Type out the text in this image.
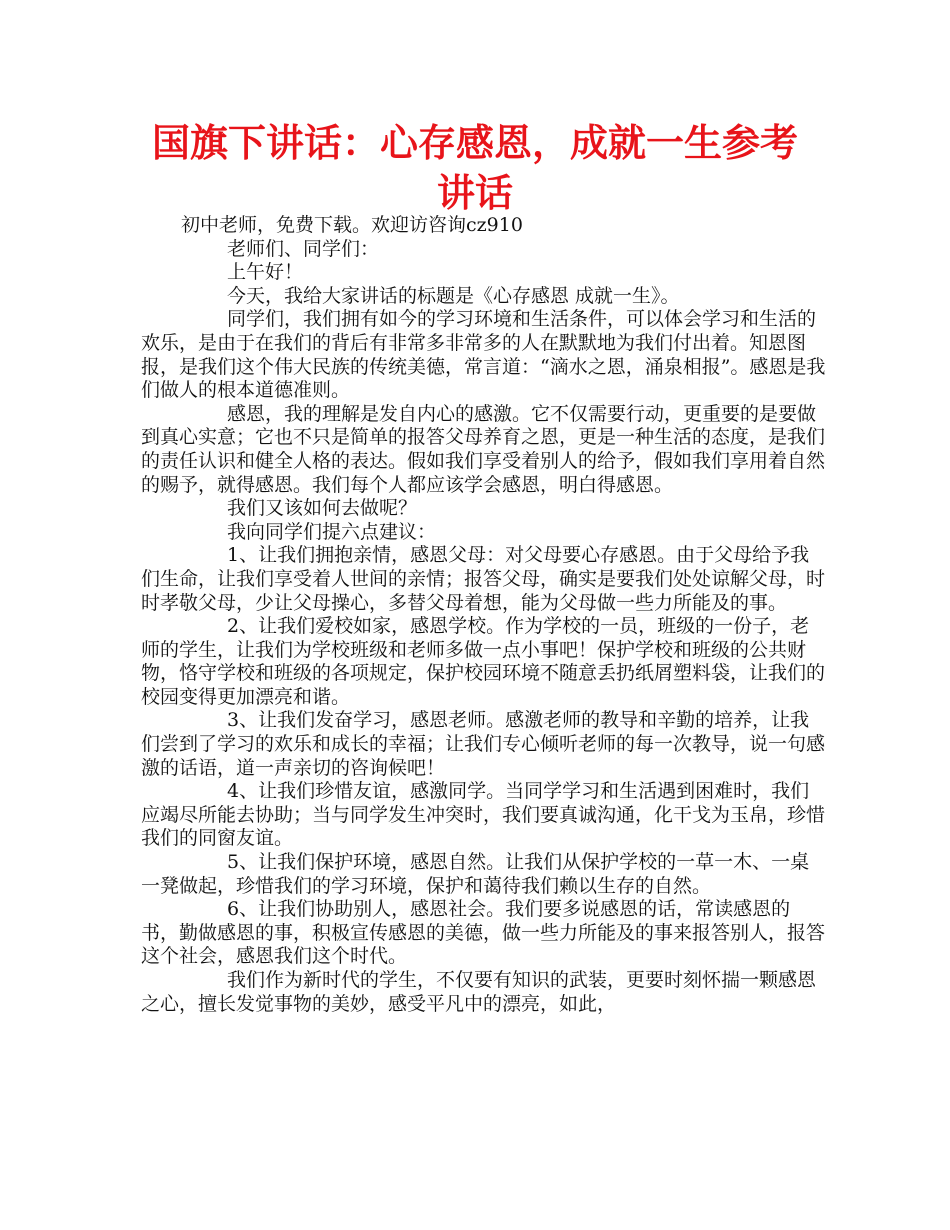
国旗下讲话：心存感恩，成就一生参考讲话

初中老师，免费下载。欢迎访咨询cz910

老师们、同学们：

上午好！

今天，我给大家讲话的标题是《心存感恩 成就一生》。

同学们，我们拥有如今的学习环境和生活条件，可以体会学习和生活的欢乐，是由于在我们的背后有非常多非常多的人在默默地为我们付出着。知恩图报，是我们这个伟大民族的传统美德，常言道：“滴水之恩，涌泉相报”。感恩是我们做人的根本道德准则。

感恩，我的理解是发自内心的感激。它不仅需要行动，更重要的是要做到真心实意；它也不只是简单的报答父母养育之恩，更是一种生活的态度，是我们的责任认识和健全人格的表达。假如我们享受着别人的给予，假如我们享用着自然的赐予，就得感恩。我们每个人都应该学会感恩，明白得感恩。

我们又该如何去做呢？

我向同学们提六点建议：

1、让我们拥抱亲情，感恩父母：对父母要心存感恩。由于父母给予我们生命，让我们享受着人世间的亲情；报答父母，确实是要我们处处谅解父母，时时孝敬父母，少让父母操心，多替父母着想，能为父母做一些力所能及的事。

2、让我们爱校如家，感恩学校。作为学校的一员，班级的一份子，老师的学生，让我们为学校班级和老师多做一点小事吧！保护学校和班级的公共财物，恪守学校和班级的各项规定，保护校园环境不随意丢扔纸屑塑料袋，让我们的校园变得更加漂亮和谐。

3、让我们发奋学习，感恩老师。感激老师的教导和辛勤的培养，让我们尝到了学习的欢乐和成长的幸福；让我们专心倾听老师的每一次教导，说一句感激的话语，道一声亲切的咨询候吧！

4、让我们珍惜友谊，感激同学。当同学学习和生活遇到困难时，我们应竭尽所能去协助；当与同学发生冲突时，我们要真诚沟通，化干戈为玉帛，珍惜我们的同窗友谊。

5、让我们保护环境，感恩自然。让我们从保护学校的一草一木、一桌一凳做起，珍惜我们的学习环境，保护和蔼待我们赖以生存的自然。

6、让我们协助别人，感恩社会。我们要多说感恩的话，常读感恩的书，勤做感恩的事，积极宣传感恩的美德，做一些力所能及的事来报答别人，报答这个社会，感恩我们这个时代。

我们作为新时代的学生，不仅要有知识的武装，更要时刻怀揣一颗感恩之心，擅长发觉事物的美妙，感受平凡中的漂亮，如此，
